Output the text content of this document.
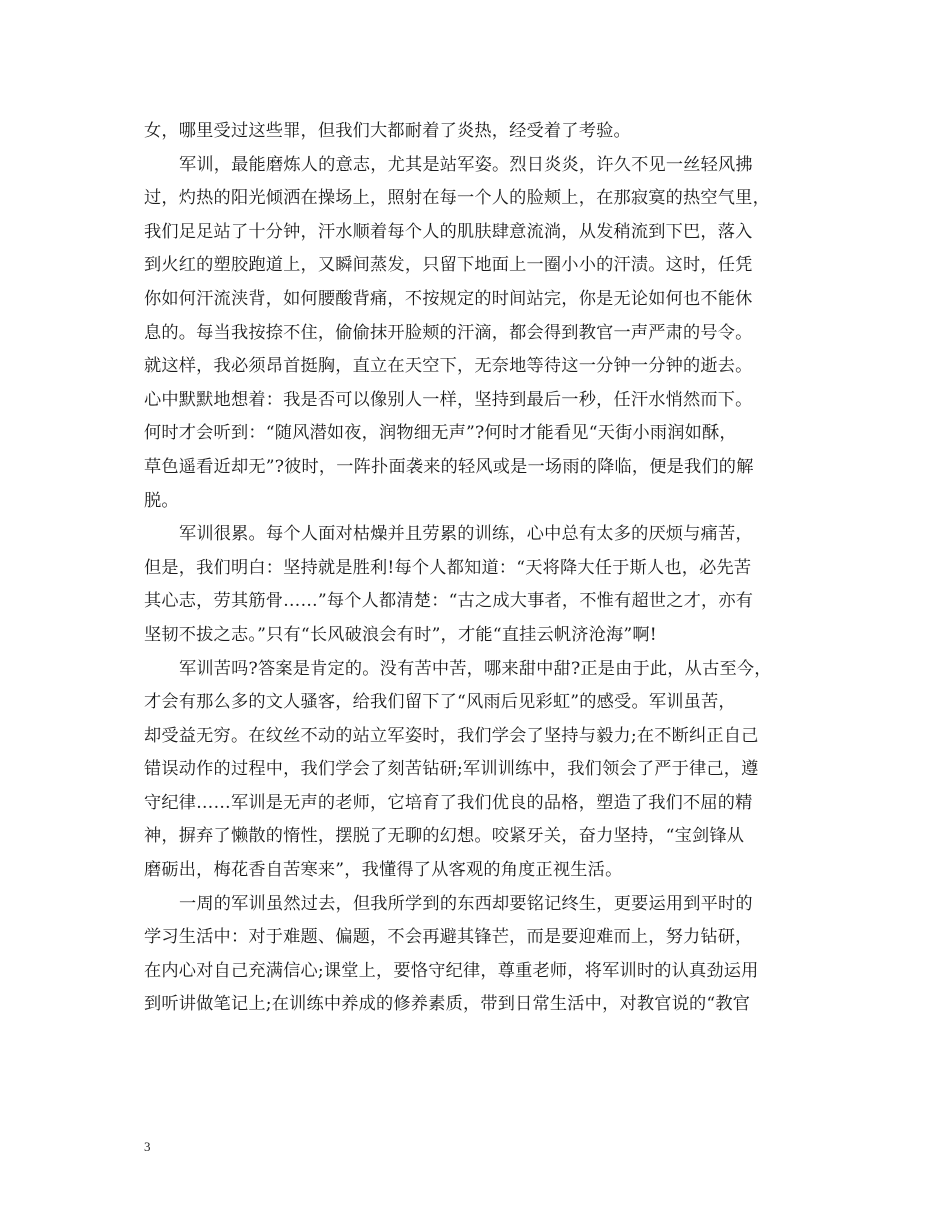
女，哪里受过这些罪，但我们大都耐着了炎热，经受着了考验。
军训，最能磨炼人的意志，尤其是站军姿。烈日炎炎，许久不见一丝轻风拂
过，灼热的阳光倾洒在操场上，照射在每一个人的脸颊上，在那寂寞的热空气里，
我们足足站了十分钟，汗水顺着每个人的肌肤肆意流淌，从发稍流到下巴，落入
到火红的塑胶跑道上，又瞬间蒸发，只留下地面上一圈小小的汗渍。这时，任凭
你如何汗流浃背，如何腰酸背痛，不按规定的时间站完，你是无论如何也不能休
息的。每当我按捺不住，偷偷抹开脸颊的汗滴，都会得到教官一声严肃的号令。
就这样，我必须昂首挺胸，直立在天空下，无奈地等待这一分钟一分钟的逝去。
心中默默地想着：我是否可以像别人一样，坚持到最后一秒，任汗水悄然而下。
何时才会听到：“随风潜如夜，润物细无声”?何时才能看见“天街小雨润如酥，
草色遥看近却无”?彼时，一阵扑面袭来的轻风或是一场雨的降临，便是我们的解
脱。
军训很累。每个人面对枯燥并且劳累的训练，心中总有太多的厌烦与痛苦，
但是，我们明白：坚持就是胜利!每个人都知道：“天将降大任于斯人也，必先苦
其心志，劳其筋骨……”每个人都清楚：“古之成大事者，不惟有超世之才，亦有
坚韧不拔之志。”只有“长风破浪会有时”，才能“直挂云帆济沧海”啊!
军训苦吗?答案是肯定的。没有苦中苦，哪来甜中甜?正是由于此，从古至今，
才会有那么多的文人骚客，给我们留下了“风雨后见彩虹”的感受。军训虽苦，
却受益无穷。在纹丝不动的站立军姿时，我们学会了坚持与毅力;在不断纠正自己
错误动作的过程中，我们学会了刻苦钻研;军训训练中，我们领会了严于律己，遵
守纪律……军训是无声的老师，它培育了我们优良的品格，塑造了我们不屈的精
神，摒弃了懒散的惰性，摆脱了无聊的幻想。咬紧牙关，奋力坚持，“宝剑锋从
磨砺出，梅花香自苦寒来”，我懂得了从客观的角度正视生活。
一周的军训虽然过去，但我所学到的东西却要铭记终生，更要运用到平时的
学习生活中：对于难题、偏题，不会再避其锋芒，而是要迎难而上，努力钻研，
在内心对自己充满信心;课堂上，要恪守纪律，尊重老师，将军训时的认真劲运用
到听讲做笔记上;在训练中养成的修养素质，带到日常生活中，对教官说的“教官
3
